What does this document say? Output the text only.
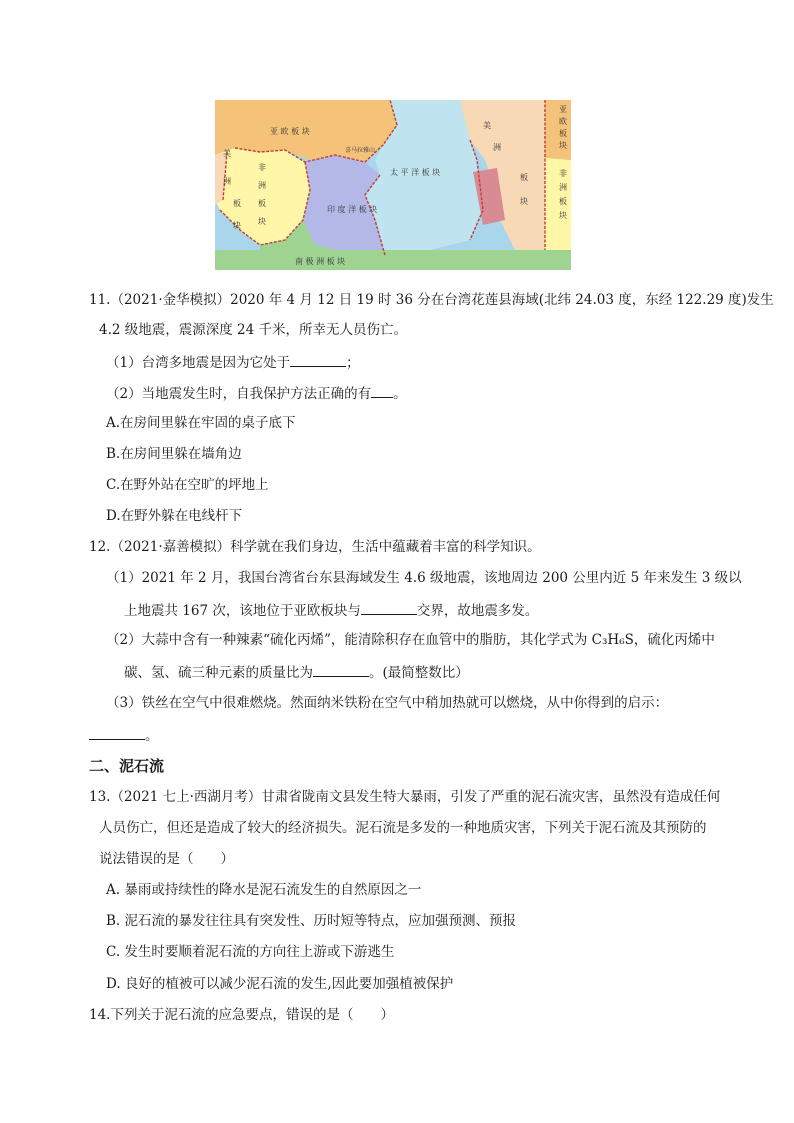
亚 欧 板 块
美
洲
板
块
非
洲
板
块
太 平 洋 板 块
印 度 洋 板 块
南 极 洲 板 块
美
洲
板
块
亚
欧
板
块
非
洲
板
块
喜马拉雅山
11.（2021·金华模拟）2020 年 4 月 12 日 19 时 36 分在台湾花莲县海域(北纬 24.03 度，东经 122.29 度)发生
4.2 级地震，震源深度 24 千米，所幸无人员伤亡。
（1）台湾多地震是因为它处于	；
（2）当地震发生时，自我保护方法正确的有 。
A.在房间里躲在牢固的桌子底下
B.在房间里躲在墙角边
C.在野外站在空旷的坪地上
D.在野外躲在电线杆下
12.（2021·嘉善模拟）科学就在我们身边，生活中蕴藏着丰富的科学知识。
（1）2021 年 2 月，我国台湾省台东县海域发生 4.6 级地震，该地周边 200 公里内近 5 年来发生 3 级以
上地震共 167 次，该地位于亚欧板块与	交界，故地震多发。
（2）大蒜中含有一种辣素“硫化丙烯”，能清除积存在血管中的脂肪，其化学式为 C₃H₆S，硫化丙烯中
碳、氢、硫三种元素的质量比为	。(最简整数比）
（3）铁丝在空气中很难燃烧。然面纳米铁粉在空气中稍加热就可以燃烧，从中你得到的启示：
。
二、泥石流
13.（2021 七上·西湖月考）甘肃省陇南文县发生特大暴雨，引发了严重的泥石流灾害，虽然没有造成任何
人员伤亡，但还是造成了较大的经济损失。泥石流是多发的一种地质灾害，下列关于泥石流及其预防的
说法错误的是（　　）
A. 暴雨或持续性的降水是泥石流发生的自然原因之一
B. 泥石流的暴发往往具有突发性、历时短等特点，应加强预测、预报
C. 发生时要顺着泥石流的方向往上游或下游逃生
D. 良好的植被可以减少泥石流的发生,因此要加强植被保护
14.下列关于泥石流的应急要点，错误的是（　　）
